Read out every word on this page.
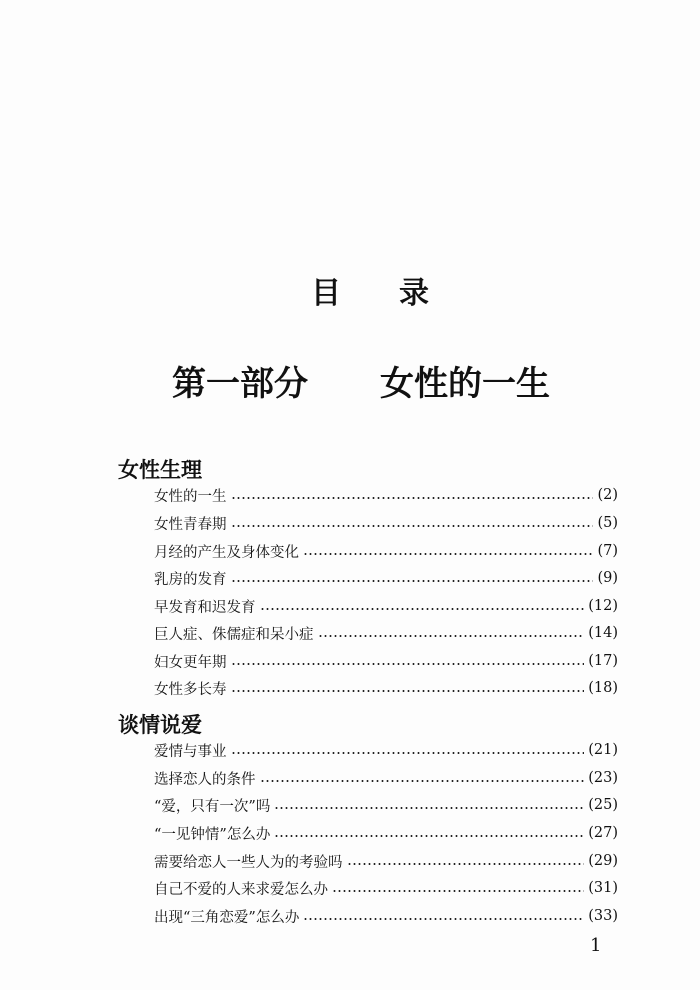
目 录
第一部分 女性的一生
女性生理
女性的一生	(2)
女性青春期	(5)
月经的产生及身体变化	(7)
乳房的发育	(9)
早发育和迟发育	(12)
巨人症、侏儒症和呆小症	(14)
妇女更年期	(17)
女性多长寿	(18)
谈情说爱
爱情与事业	(21)
选择恋人的条件	(23)
“爱，只有一次”吗	(25)
“一见钟情”怎么办	(27)
需要给恋人一些人为的考验吗	(29)
自己不爱的人来求爱怎么办	(31)
出现“三角恋爱”怎么办	(33)
1
